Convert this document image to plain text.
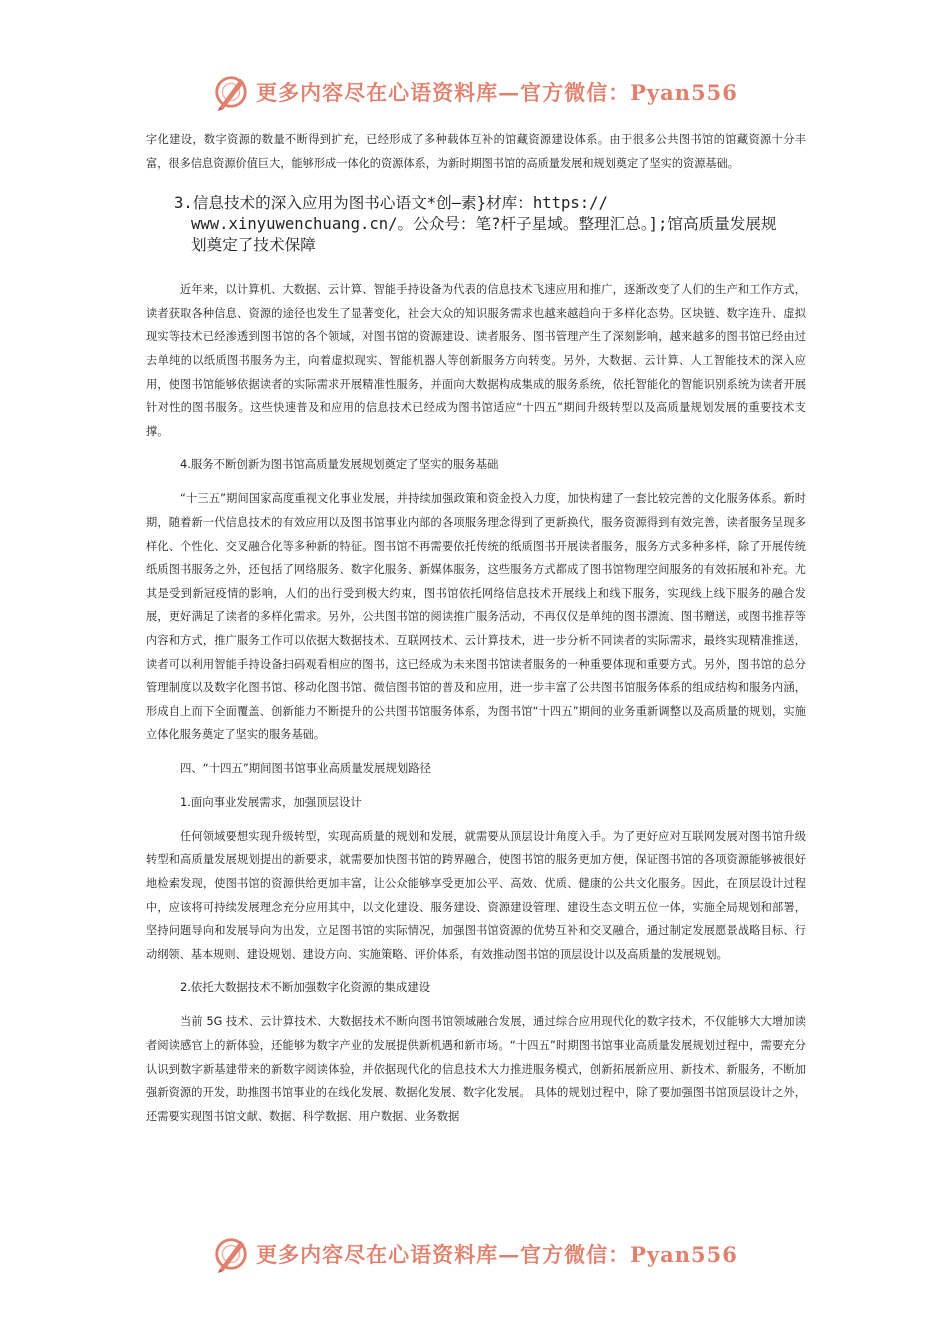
更多内容尽在心语资料库—官方微信：Pyan556

字化建设，数字资源的数量不断得到扩充，已经形成了多种载体互补的馆藏资源建设体系。由于很多公共图书馆的馆藏资源十分丰富，很多信息资源价值巨大，能够形成一体化的资源体系，为新时期图书馆的高质量发展和规划奠定了坚实的资源基础。

3.信息技术的深入应用为图书心语文*创—素}材库：https://
www.xinyuwenchuang.cn/。公众号：笔?杆子星域。整理汇总。];馆高质量发展规
划奠定了技术保障

近年来，以计算机、大数据、云计算、智能手持设备为代表的信息技术飞速应用和推广，逐渐改变了人们的生产和工作方式，读者获取各种信息、资源的途径也发生了显著变化，社会大众的知识服务需求也越来越趋向于多样化态势。区块链、数字连升、虚拟现实等技术已经渗透到图书馆的各个领域，对图书馆的资源建设、读者服务、图书管理产生了深刻影响，越来越多的图书馆已经由过去单纯的以纸质图书服务为主，向着虚拟现实、智能机器人等创新服务方向转变。另外，大数据、云计算、人工智能技术的深入应用，使图书馆能够依据读者的实际需求开展精准性服务，并面向大数据构成集成的服务系统，依托智能化的智能识别系统为读者开展针对性的图书服务。这些快速普及和应用的信息技术已经成为图书馆适应“十四五”期间升级转型以及高质量规划发展的重要技术支撑。

4.服务不断创新为图书馆高质量发展规划奠定了坚实的服务基础

“十三五”期间国家高度重视文化事业发展，并持续加强政策和资金投入力度，加快构建了一套比较完善的文化服务体系。新时期，随着新一代信息技术的有效应用以及图书馆事业内部的各项服务理念得到了更新换代，服务资源得到有效完善，读者服务呈现多样化、个性化、交叉融合化等多种新的特征。图书馆不再需要依托传统的纸质图书开展读者服务，服务方式多种多样，除了开展传统纸质图书服务之外，还包括了网络服务、数字化服务、新媒体服务，这些服务方式都成了图书馆物理空间服务的有效拓展和补充。尤其是受到新冠疫情的影响，人们的出行受到极大约束，图书馆依托网络信息技术开展线上和线下服务，实现线上线下服务的融合发展，更好满足了读者的多样化需求。另外，公共图书馆的阅读推广服务活动，不再仅仅是单纯的图书漂流、图书赠送，或图书推荐等内容和方式，推广服务工作可以依据大数据技术、互联网技术、云计算技术，进一步分析不同读者的实际需求，最终实现精准推送，读者可以利用智能手持设备扫码观看相应的图书，这已经成为未来图书馆读者服务的一种重要体现和重要方式。另外，图书馆的总分管理制度以及数字化图书馆、移动化图书馆、微信图书馆的普及和应用，进一步丰富了公共图书馆服务体系的组成结构和服务内涵， 形成自上而下全面覆盖、创新能力不断提升的公共图书馆服务体系，为图书馆“十四五”期间的业务重新调整以及高质量的规划，实施立体化服务奠定了坚实的服务基础。

四、“十四五”期间图书馆事业高质量发展规划路径
1.面向事业发展需求，加强顶层设计

任何领域要想实现升级转型，实现高质量的规划和发展，就需要从顶层设计角度入手。为了更好应对互联网发展对图书馆升级转型和高质量发展规划提出的新要求，就需要加快图书馆的跨界融合，使图书馆的服务更加方便，保证图书馆的各项资源能够被很好地检索发现，使图书馆的资源供给更加丰富，让公众能够享受更加公平、高效、优质、健康的公共文化服务。因此，在顶层设计过程中，应该将可持续发展理念充分应用其中，以文化建设、服务建设、资源建设管理、建设生态文明五位一体，实施全局规划和部署，坚持问题导向和发展导向为出发，立足图书馆的实际情况，加强图书馆资源的优势互补和交叉融合，通过制定发展愿景战略目标、行动纲领、基本规则、建设规划、建设方向、实施策略、评价体系，有效推动图书馆的顶层设计以及高质量的发展规划。

2.依托大数据技术不断加强数字化资源的集成建设

当前 5G 技术、云计算技术、大数据技术不断向图书馆领域融合发展，通过综合应用现代化的数字技术，不仅能够大大增加读者阅读感官上的新体验，还能够为数字产业的发展提供新机遇和新市场。“十四五”时期图书馆事业高质量发展规划过程中，需要充分认识到数字新基建带来的新数字阅读体验，并依据现代化的信息技术大力推进服务模式，创新拓展新应用、新技术、新服务，不断加强新资源的开发，助推图书馆事业的在线化发展、数据化发展、数字化发展。 具体的规划过程中，除了要加强图书馆顶层设计之外，还需要实现图书馆文献、数据、科学数据、用户数据、业务数据

更多内容尽在心语资料库—官方微信：Pyan556
